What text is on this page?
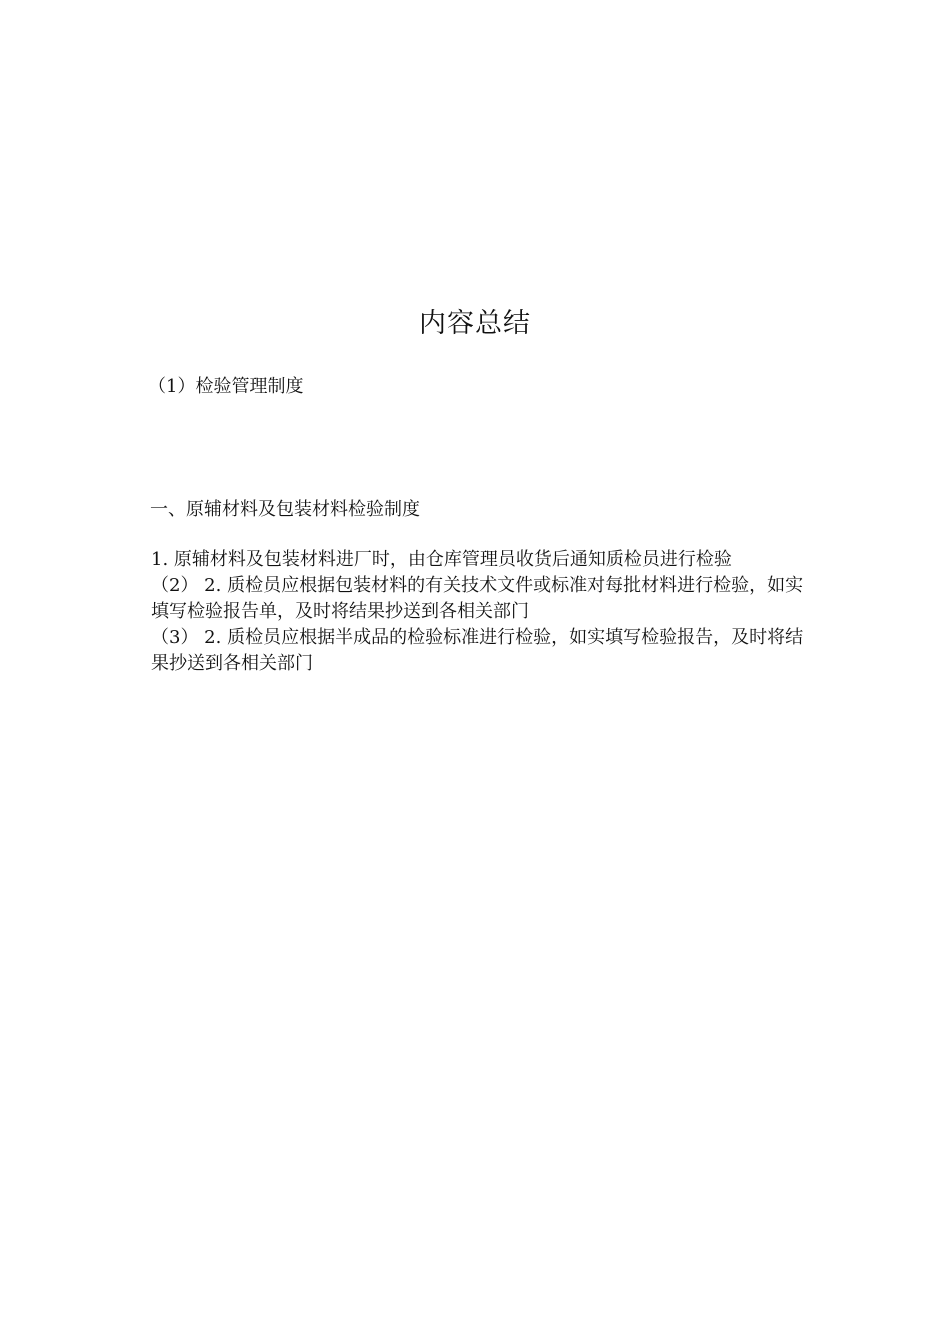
内容总结
（1）检验管理制度
一、原辅材料及包装材料检验制度

1. 原辅材料及包装材料进厂时，由仓库管理员收货后通知质检员进行检验

（2） 2. 质检员应根据包装材料的有关技术文件或标准对每批材料进行检验，如实填写检验报告单，及时将结果抄送到各相关部门

（3） 2. 质检员应根据半成品的检验标准进行检验，如实填写检验报告，及时将结果抄送到各相关部门
